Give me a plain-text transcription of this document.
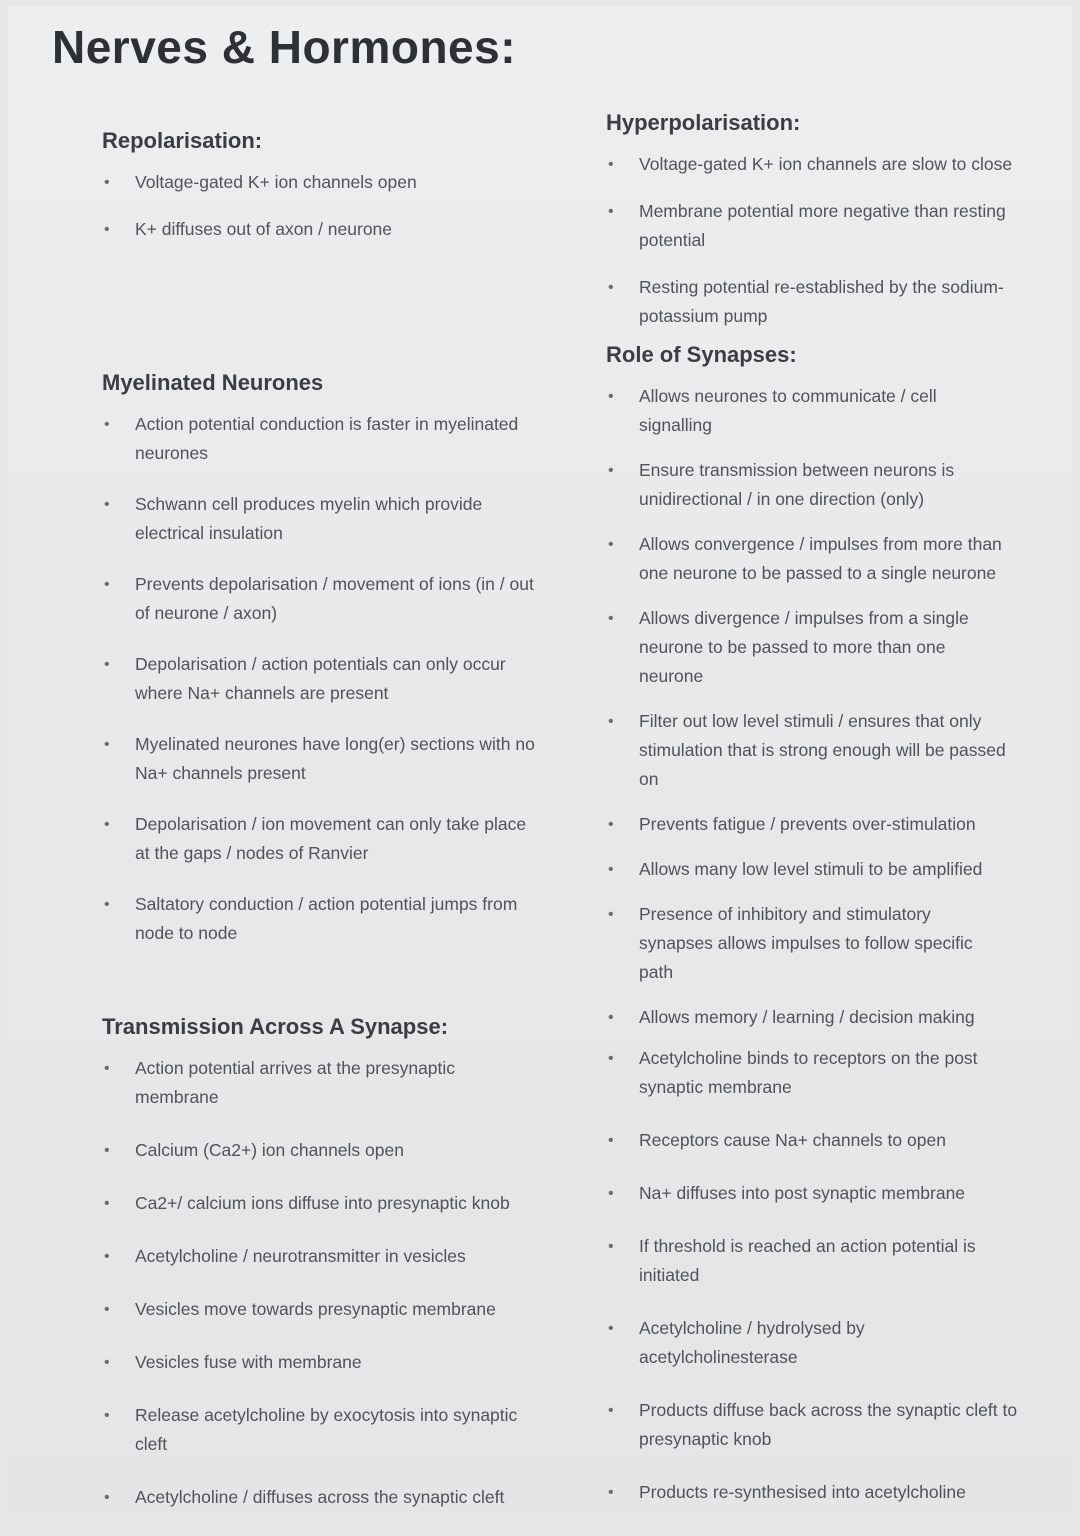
Nerves & Hormones:
Repolarisation:
• Voltage-gated K+ ion channels open
• K+ diffuses out of axon / neurone
Hyperpolarisation:
• Voltage-gated K+ ion channels are slow to close
• Membrane potential more negative than resting potential
• Resting potential re-established by the sodium-potassium pump
Myelinated Neurones
• Action potential conduction is faster in myelinated neurones
• Schwann cell produces myelin which provide electrical insulation
• Prevents depolarisation / movement of ions (in / out of neurone / axon)
• Depolarisation / action potentials can only occur where Na+ channels are present
• Myelinated neurones have long(er) sections with no Na+ channels present
• Depolarisation / ion movement can only take place at the gaps / nodes of Ranvier
• Saltatory conduction / action potential jumps from node to node
Role of Synapses:
• Allows neurones to communicate / cell signalling
• Ensure transmission between neurons is unidirectional / in one direction (only)
• Allows convergence / impulses from more than one neurone to be passed to a single neurone
• Allows divergence / impulses from a single neurone to be passed to more than one neurone
• Filter out low level stimuli / ensures that only stimulation that is strong enough will be passed on
• Prevents fatigue / prevents over-stimulation
• Allows many low level stimuli to be amplified
• Presence of inhibitory and stimulatory synapses allows impulses to follow specific path
• Allows memory / learning / decision making
Transmission Across A Synapse:
• Action potential arrives at the presynaptic membrane
• Calcium (Ca2+) ion channels open
• Ca2+/ calcium ions diffuse into presynaptic knob
• Acetylcholine / neurotransmitter in vesicles
• Vesicles move towards presynaptic membrane
• Vesicles fuse with membrane
• Release acetylcholine by exocytosis into synaptic cleft
• Acetylcholine / diffuses across the synaptic cleft
• Acetylcholine binds to receptors on the post synaptic membrane
• Receptors cause Na+ channels to open
• Na+ diffuses into post synaptic membrane
• If threshold is reached an action potential is initiated
• Acetylcholine / hydrolysed by acetylcholinesterase
• Products diffuse back across the synaptic cleft to presynaptic knob
• Products re-synthesised into acetylcholine
